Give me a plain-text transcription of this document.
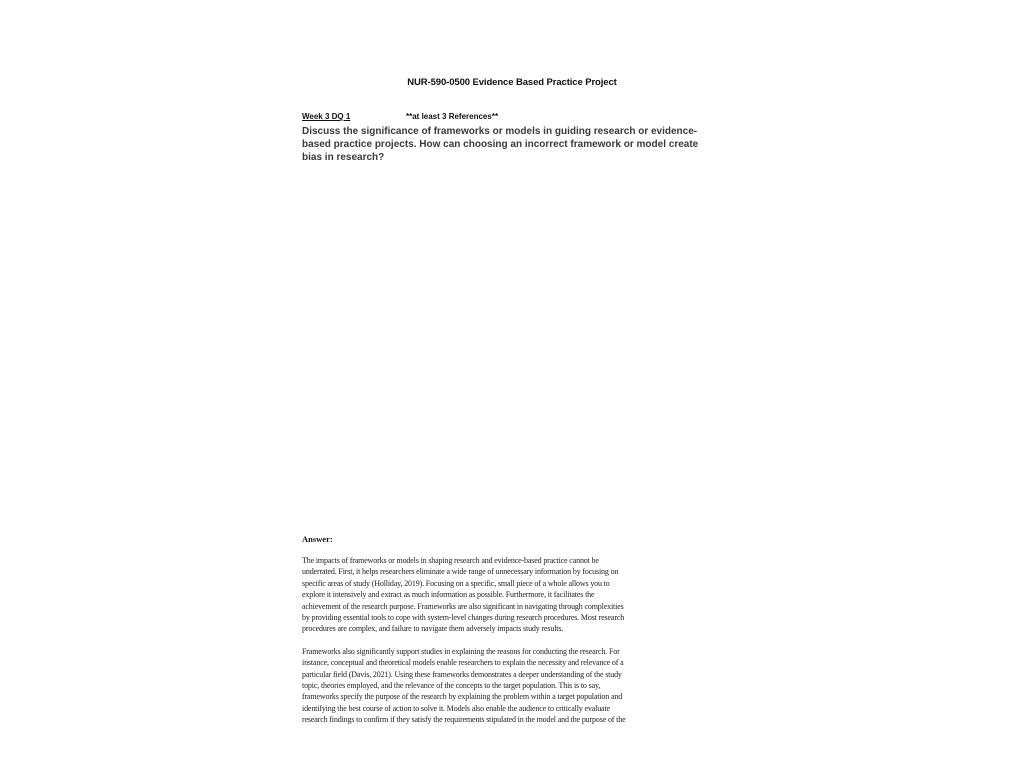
NUR-590-0500 Evidence Based Practice Project
Week 3 DQ 1	**at least 3 References**
Discuss the significance of frameworks or models in guiding research or evidence-
based practice projects. How can choosing an incorrect framework or model create
bias in research?
Answer:
The impacts of frameworks or models in shaping research and evidence-based practice cannot be
underrated. First, it helps researchers eliminate a wide range of unnecessary information by focusing on
specific areas of study (Holliday, 2019). Focusing on a specific, small piece of a whole allows you to
explore it intensively and extract as much information as possible. Furthermore, it facilitates the
achievement of the research purpose. Frameworks are also significant in navigating through complexities
by providing essential tools to cope with system-level changes during research procedures. Most research
procedures are complex, and failure to navigate them adversely impacts study results.
Frameworks also significantly support studies in explaining the reasons for conducting the research. For
instance, conceptual and theoretical models enable researchers to explain the necessity and relevance of a
particular field (Davis, 2021). Using these frameworks demonstrates a deeper understanding of the study
topic, theories employed, and the relevance of the concepts to the target population. This is to say,
frameworks specify the purpose of the research by explaining the problem within a target population and
identifying the best course of action to solve it. Models also enable the audience to critically evaluate
research findings to confirm if they satisfy the requirements stipulated in the model and the purpose of the
